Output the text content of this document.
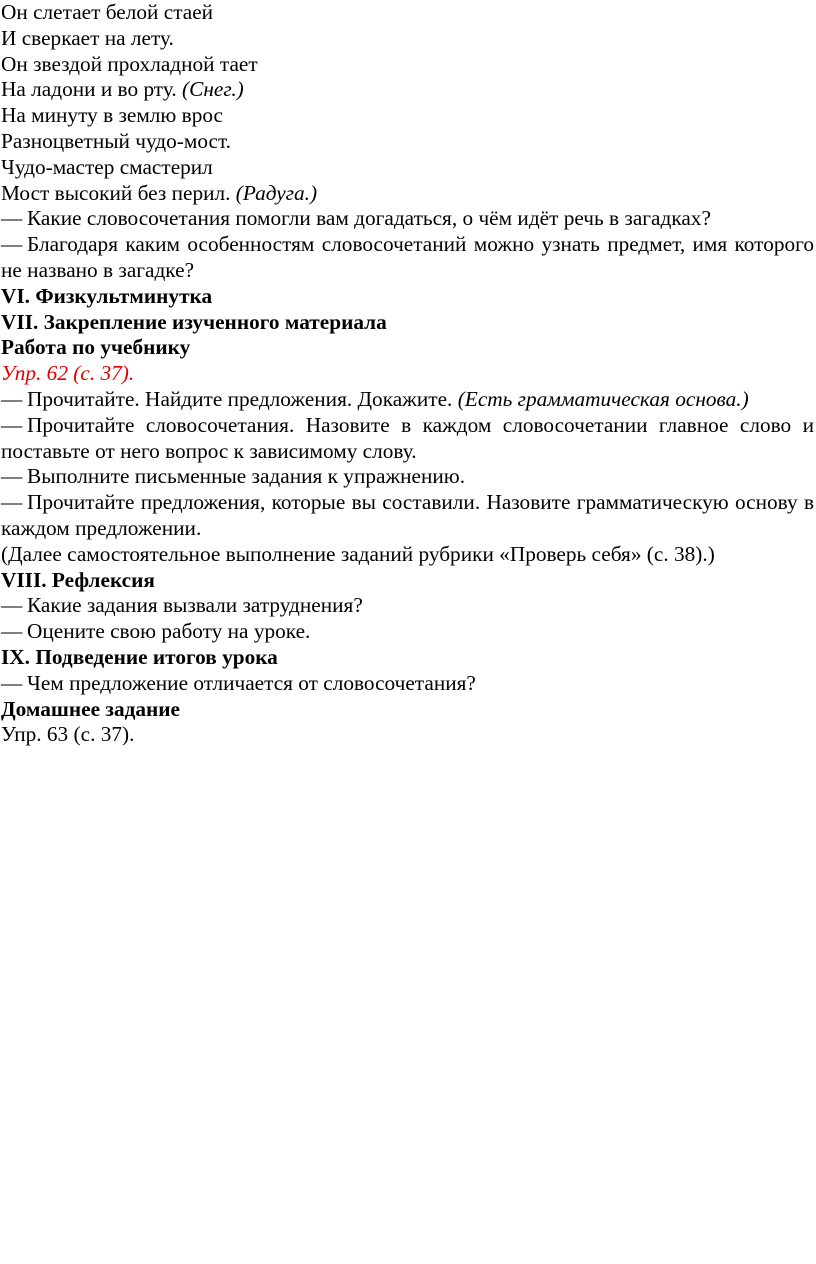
Он слетает белой стаей
И сверкает на лету.
Он звездой прохладной тает
На ладони и во рту. (Снег.)
На минуту в землю врос
Разноцветный чудо-мост.
Чудо-мастер смастерил
Мост высокий без перил. (Радуга.)
— Какие словосочетания помогли вам догадаться, о чём идёт речь в загадках?
— Благодаря каким особенностям словосочетаний можно узнать предмет, имя которого не названо в загадке?
VI. Физкультминутка
VII. Закрепление изученного материала
Работа по учебнику
Упр. 62 (с. 37).
— Прочитайте. Найдите предложения. Докажите. (Есть грамматическая основа.)
— Прочитайте словосочетания. Назовите в каждом словосочетании главное слово и поставьте от него вопрос к зависимому слову.
— Выполните письменные задания к упражнению.
— Прочитайте предложения, которые вы составили. Назовите грамматическую основу в каждом предложении.
(Далее самостоятельное выполнение заданий рубрики «Проверь себя» (с. 38).)
VIII. Рефлексия
— Какие задания вызвали затруднения?
— Оцените свою работу на уроке.
IX. Подведение итогов урока
— Чем предложение отличается от словосочетания?
Домашнее задание
Упр. 63 (с. 37).
